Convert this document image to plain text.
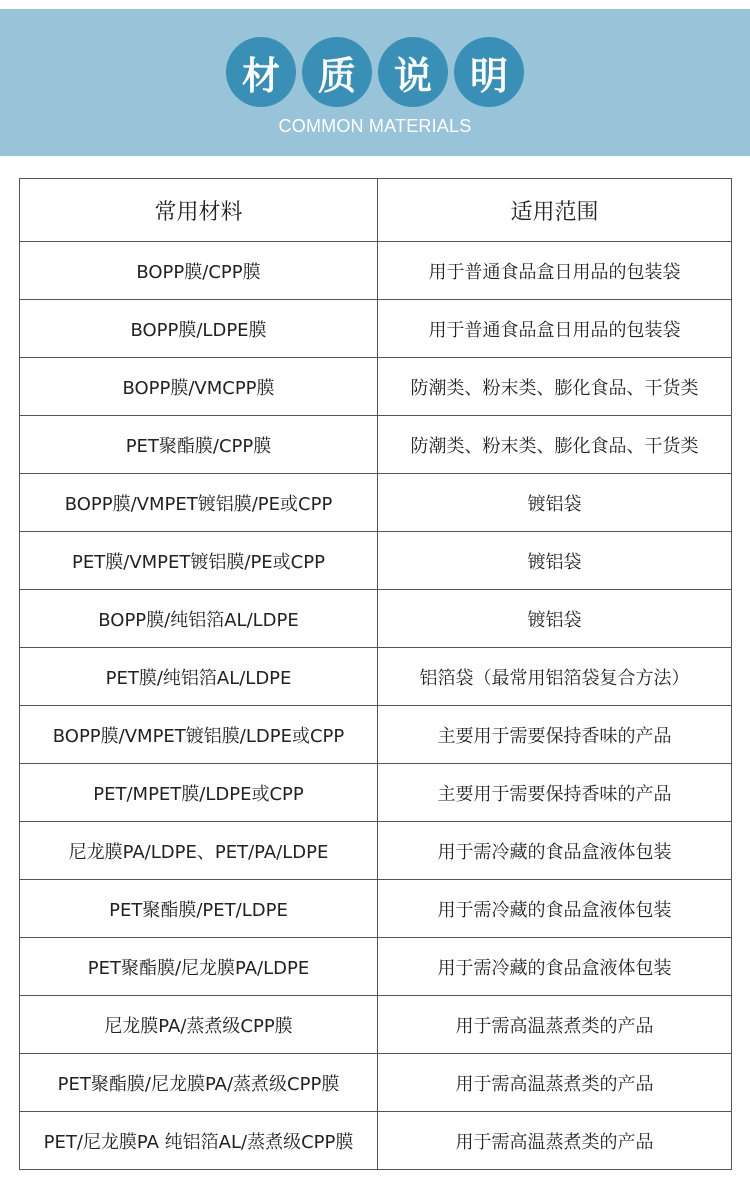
材 质 说 明
COMMON MATERIALS
常用材料	适用范围
BOPP膜/CPP膜	用于普通食品盒日用品的包装袋
BOPP膜/LDPE膜	用于普通食品盒日用品的包装袋
BOPP膜/VMCPP膜	防潮类、粉末类、膨化食品、干货类
PET聚酯膜/CPP膜	防潮类、粉末类、膨化食品、干货类
BOPP膜/VMPET镀铝膜/PE或CPP	镀铝袋
PET膜/VMPET镀铝膜/PE或CPP	镀铝袋
BOPP膜/纯铝箔AL/LDPE	镀铝袋
PET膜/纯铝箔AL/LDPE	铝箔袋（最常用铝箔袋复合方法）
BOPP膜/VMPET镀铝膜/LDPE或CPP	主要用于需要保持香味的产品
PET/MPET膜/LDPE或CPP	主要用于需要保持香味的产品
尼龙膜PA/LDPE、PET/PA/LDPE	用于需冷藏的食品盒液体包装
PET聚酯膜/PET/LDPE	用于需冷藏的食品盒液体包装
PET聚酯膜/尼龙膜PA/LDPE	用于需冷藏的食品盒液体包装
尼龙膜PA/蒸煮级CPP膜	用于需高温蒸煮类的产品
PET聚酯膜/尼龙膜PA/蒸煮级CPP膜	用于需高温蒸煮类的产品
PET/尼龙膜PA 纯铝箔AL/蒸煮级CPP膜	用于需高温蒸煮类的产品
